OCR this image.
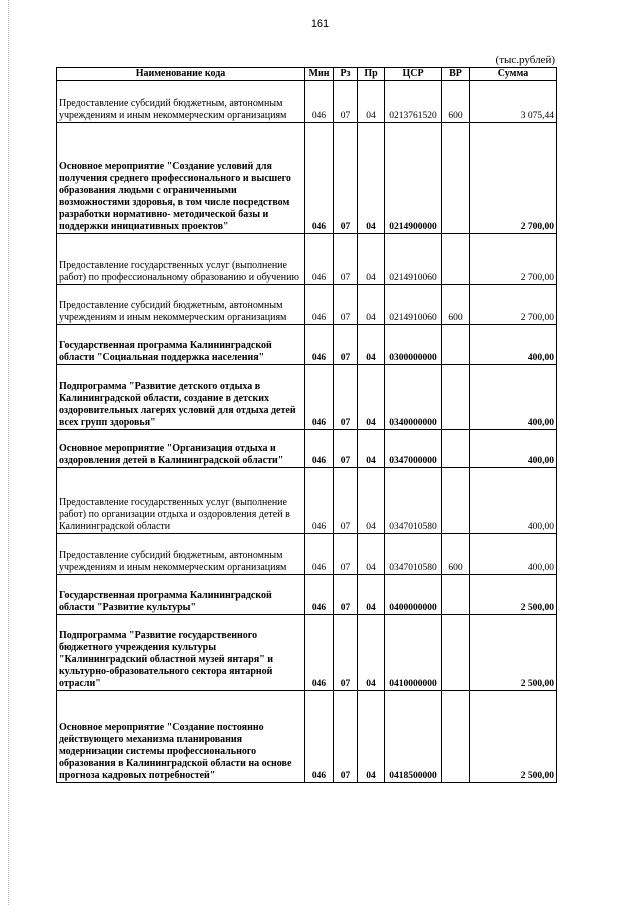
161
(тыс.рублей)
Наименование кода	Мин	Рз	Пр	ЦСР	ВР	Сумма
Предоставление субсидий бюджетным, автономным учреждениям и иным некоммерческим организациям	046	07	04	0213761520	600	3 075,44
Основное мероприятие "Создание условий для получения среднего профессионального и высшего образования людьми с ограниченными возможностями здоровья, в том числе посредством разработки нормативно- методической базы и поддержки инициативных проектов"	046	07	04	0214900000		2 700,00
Предоставление государственных услуг (выполнение работ) по профессиональному образованию и обучению	046	07	04	0214910060		2 700,00
Предоставление субсидий бюджетным, автономным учреждениям и иным некоммерческим организациям	046	07	04	0214910060	600	2 700,00
Государственная программа Калининградской области "Социальная поддержка населения"	046	07	04	0300000000		400,00
Подпрограмма "Развитие детского отдыха в Калининградской области, создание в детских оздоровительных лагерях условий для отдыха детей всех групп здоровья"	046	07	04	0340000000		400,00
Основное мероприятие "Организация отдыха и оздоровления детей в Калининградской области"	046	07	04	0347000000		400,00
Предоставление государственных услуг (выполнение работ) по организации отдыха и оздоровления детей в Калининградской области	046	07	04	0347010580		400,00
Предоставление субсидий бюджетным, автономным учреждениям и иным некоммерческим организациям	046	07	04	0347010580	600	400,00
Государственная программа Калининградской области "Развитие культуры"	046	07	04	0400000000		2 500,00
Подпрограмма "Развитие государственного бюджетного учреждения культуры "Калининградский областной музей янтаря" и культурно-образовательного сектора янтарной отрасли"	046	07	04	0410000000		2 500,00
Основное мероприятие "Создание постоянно действующего механизма планирования модернизации системы профессионального образования в Калининградской области на основе прогноза кадровых потребностей"	046	07	04	0418500000		2 500,00
